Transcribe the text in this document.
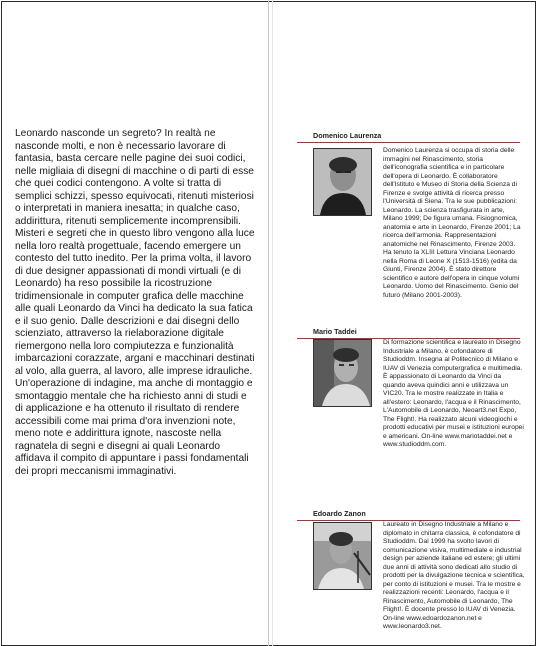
Leonardo nasconde un segreto? In realtà ne nasconde molti, e non è necessario lavorare di fantasia, basta cercare nelle pagine dei suoi codici, nelle migliaia di disegni di macchine o di parti di esse che quei codici contengono. A volte si tratta di semplici schizzi, spesso equivocati, ritenuti misteriosi o interpretati in maniera inesatta; in qualche caso, addirittura, ritenuti semplicemente incomprensibili. Misteri e segreti che in questo libro vengono alla luce nella loro realtà progettuale, facendo emergere un contesto del tutto inedito. Per la prima volta, il lavoro di due designer appassionati di mondi virtuali (e di Leonardo) ha reso possibile la ricostruzione tridimensionale in computer grafica delle macchine alle quali Leonardo da Vinci ha dedicato la sua fatica e il suo genio. Dalle descrizioni e dai disegni dello scienziato, attraverso la rielaborazione digitale riemergono nella loro compiutezza e funzionalità imbarcazioni corazzate, argani e macchinari destinati al volo, alla guerra, al lavoro, alle imprese idrauliche. Un'operazione di indagine, ma anche di montaggio e smontaggio mentale che ha richiesto anni di studi e di applicazione e ha ottenuto il risultato di rendere accessibili come mai prima d'ora invenzioni note, meno note e addirittura ignote, nascoste nella ragnatela di segni e disegni ai quali Leonardo affidava il compito di appuntare i passi fondamentali dei propri meccanismi immaginativi.
Domenico Laurenza
Domenico Laurenza si occupa di storia delle immagini nel Rinascimento, storia dell'iconografia scientifica e in particolare dell'opera di Leonardo. È collaboratore dell'Istituto e Museo di Storia della Scienza di Firenze e svolge attività di ricerca presso l'Università di Siena. Tra le sue pubblicazioni: Leonardo. La scienza trasfigurata in arte, Milano 1999; De figura umana. Fisiognomica, anatomia e arte in Leonardo, Firenze 2001; La ricerca dell'armonia. Rappresentazioni anatomiche nel Rinascimento, Firenze 2003. Ha tenuto la XLIII Lettura Vinciana Leonardo nella Roma di Leone X (1513-1516) (edita da Giunti, Firenze 2004). È stato direttore scientifico e autore dell'opera in cinque volumi Leonardo. Uomo del Rinascimento. Genio del futuro (Milano 2001-2003).
Mario Taddei
Di formazione scientifica e laureato in Disegno Industriale a Milano, è cofondatore di Studioddm. Insegna al Politecnico di Milano e IUAV di Venezia computergrafica e multimedia. È appassionato di Leonardo da Vinci da quando aveva quindici anni e utilizzava un VIC20. Tra le mostre realizzate in Italia e all'estero: Leonardo, l'acqua e il Rinascimento, L'Automobile di Leonardo, Neoart3.net Expo, The Flight!. Ha realizzato alcuni videogiochi e prodotti educativi per musei e istituzioni europei e americani. On-line www.mariotaddei.net e www.studioddm.com.
Edoardo Zanon
Laureato in Disegno Industriale a Milano e diplomato in chitarra classica, è cofondatore di Studioddm. Dal 1999 ha svolto lavori di comunicazione visiva, multimediale e industrial design per aziende italiane ed estere; gli ultimi due anni di attività sono dedicati allo studio di prodotti per la divulgazione tecnica e scientifica, per conto di istituzioni e musei. Tra le mostre e realizzazioni recenti: Leonardo, l'acqua e il Rinascimento, Automobile di Leonardo, The Flight!. È docente presso lo IUAV di Venezia. On-line www.edoardozanon.net e www.leonardo3.net.
